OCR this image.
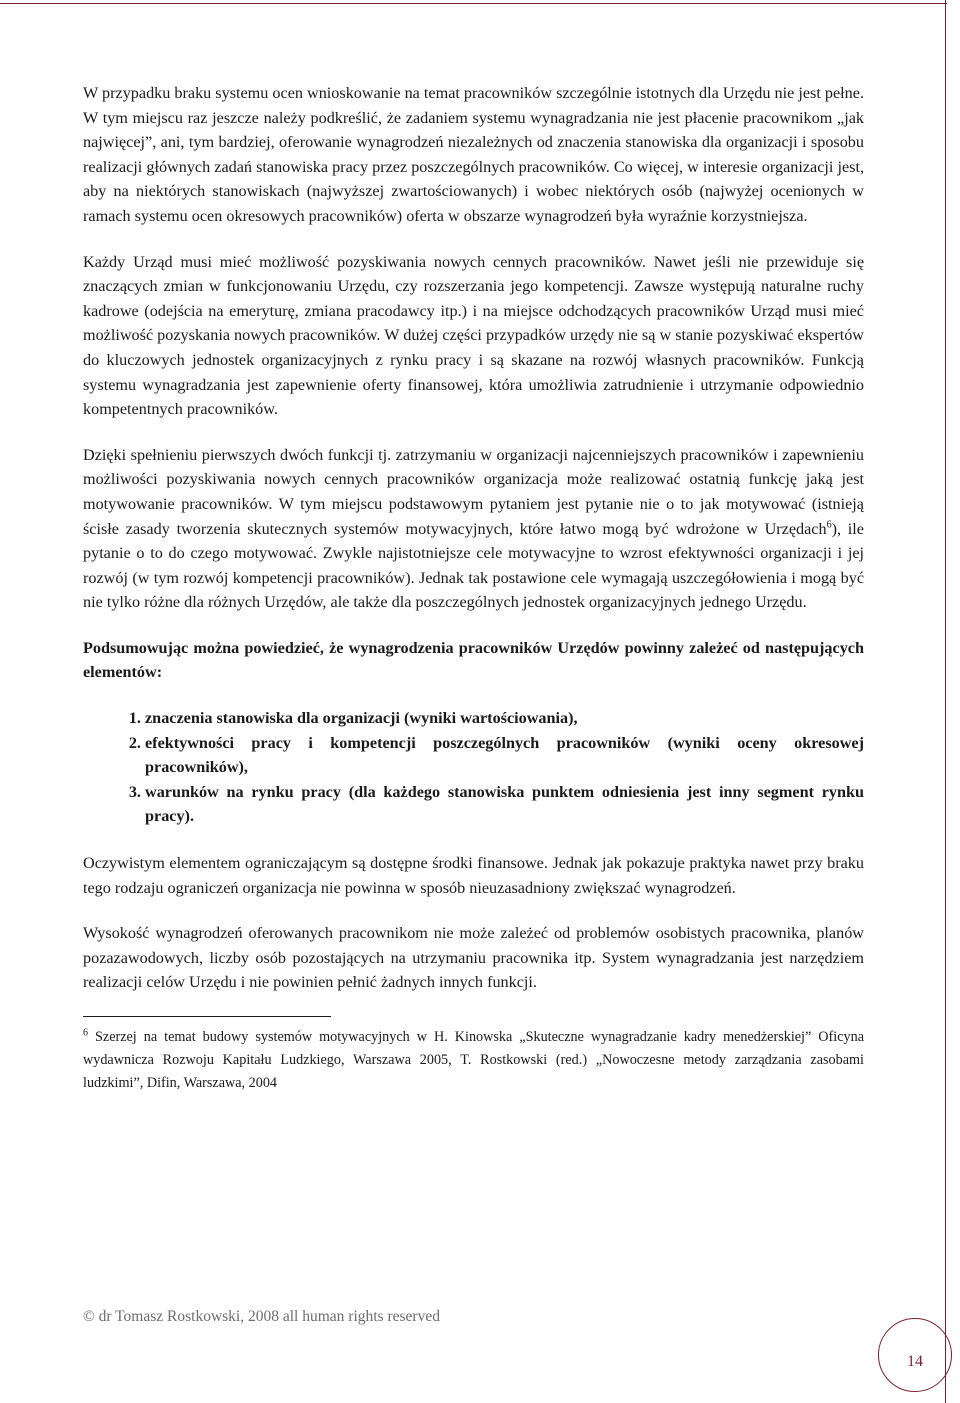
W przypadku braku systemu ocen wnioskowanie na temat pracowników szczególnie istotnych dla Urzędu nie jest pełne. W tym miejscu raz jeszcze należy podkreślić, że zadaniem systemu wynagradzania nie jest płacenie pracownikom „jak najwięcej”, ani, tym bardziej, oferowanie wynagrodzeń niezależnych od znaczenia stanowiska dla organizacji i sposobu realizacji głównych zadań stanowiska pracy przez poszczególnych pracowników. Co więcej, w interesie organizacji jest, aby na niektórych stanowiskach (najwyższej zwartościowanych) i wobec niektórych osób (najwyżej ocenionych w ramach systemu ocen okresowych pracowników) oferta w obszarze wynagrodzeń była wyraźnie korzystniejsza.

Każdy Urząd musi mieć możliwość pozyskiwania nowych cennych pracowników. Nawet jeśli nie przewiduje się znaczących zmian w funkcjonowaniu Urzędu, czy rozszerzania jego kompetencji. Zawsze występują naturalne ruchy kadrowe (odejścia na emeryturę, zmiana pracodawcy itp.) i na miejsce odchodzących pracowników Urząd musi mieć możliwość pozyskania nowych pracowników. W dużej części przypadków urzędy nie są w stanie pozyskiwać ekspertów do kluczowych jednostek organizacyjnych z rynku pracy i są skazane na rozwój własnych pracowników. Funkcją systemu wynagradzania jest zapewnienie oferty finansowej, która umożliwia zatrudnienie i utrzymanie odpowiednio kompetentnych pracowników.

Dzięki spełnieniu pierwszych dwóch funkcji tj. zatrzymaniu w organizacji najcenniejszych pracowników i zapewnieniu możliwości pozyskiwania nowych cennych pracowników organizacja może realizować ostatnią funkcję jaką jest motywowanie pracowników. W tym miejscu podstawowym pytaniem jest pytanie nie o to jak motywować (istnieją ścisłe zasady tworzenia skutecznych systemów motywacyjnych, które łatwo mogą być wdrożone w Urzędach$^6$), ile pytanie o to do czego motywować. Zwykle najistotniejsze cele motywacyjne to wzrost efektywności organizacji i jej rozwój (w tym rozwój kompetencji pracowników). Jednak tak postawione cele wymagają uszczegółowienia i mogą być nie tylko różne dla różnych Urzędów, ale także dla poszczególnych jednostek organizacyjnych jednego Urzędu.

Podsumowując można powiedzieć, że wynagrodzenia pracowników Urzędów powinny zależeć od następujących elementów:

1. znaczenia stanowiska dla organizacji (wyniki wartościowania),
2. efektywności pracy i kompetencji poszczególnych pracowników (wyniki oceny okresowej pracowników),
3. warunków na rynku pracy (dla każdego stanowiska punktem odniesienia jest inny segment rynku pracy).

Oczywistym elementem ograniczającym są dostępne środki finansowe. Jednak jak pokazuje praktyka nawet przy braku tego rodzaju ograniczeń organizacja nie powinna w sposób nieuzasadniony zwiększać wynagrodzeń.

Wysokość wynagrodzeń oferowanych pracownikom nie może zależeć od problemów osobistych pracownika, planów pozazawodowych, liczby osób pozostających na utrzymaniu pracownika itp. System wynagradzania jest narzędziem realizacji celów Urzędu i nie powinien pełnić żadnych innych funkcji.

$^6$ Szerzej na temat budowy systemów motywacyjnych w H. Kinowska „Skuteczne wynagradzanie kadry menedżerskiej” Oficyna wydawnicza Rozwoju Kapitału Ludzkiego, Warszawa 2005, T. Rostkowski (red.) „Nowoczesne metody zarządzania zasobami ludzkimi”, Difin, Warszawa, 2004

© dr Tomasz Rostkowski, 2008 all human rights reserved
14
